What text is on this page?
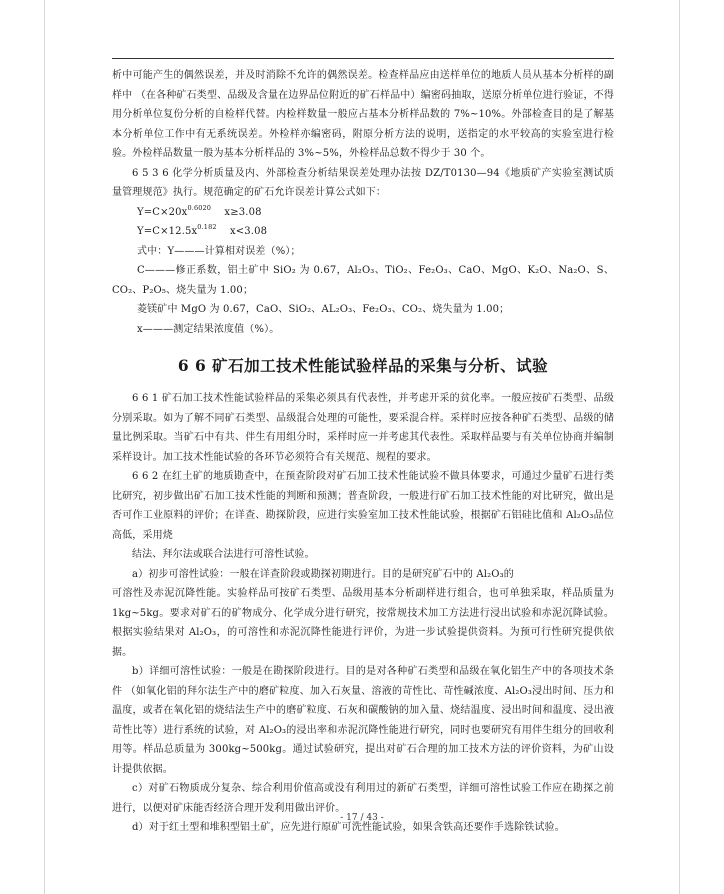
析中可能产生的偶然误差，并及时消除不允许的偶然误差。检查样品应由送样单位的地质人员从基本分析样的副样中 （在各种矿石类型、品级及含量在边界品位附近的矿石样品中）编密码抽取，送原分析单位进行验证，不得用分析单位复份分析的自检样代替。内检样数量一般应占基本分析样品数的 7%~10%。外部检查目的是了解基本分析单位工作中有无系统误差。外检样亦编密码，附原分析方法的说明，送指定的水平较高的实验室进行检验。外检样品数量一般为基本分析样品的 3%~5%，外检样品总数不得少于 30 个。

6 5 3 6 化学分析质量及内、外部检查分析结果误差处理办法按 DZ/T0130—94《地质矿产实验室测试质量管理规范》执行。规范确定的矿石允许误差计算公式如下：

$Y=C\times 20x^{0.6020}$ x≥3.08

$Y=C\times 12.5x^{0.182}$ x<3.08

式中：Y———计算相对误差（%）；

C———修正系数，铝土矿中 SiO₂ 为 0.67，Al₂O₃、TiO₂、Fe₂O₃、CaO、MgO、K₂O、Na₂O、S、CO₂、P₂O₅、烧失量为 1.00；

菱镁矿中 MgO 为 0.67，CaO、SiO₂、AL₂O₃、Fe₂O₃、CO₂、烧失量为 1.00；

x———测定结果浓度值（%）。

6 6 矿石加工技术性能试验样品的采集与分析、试验

6 6 1 矿石加工技术性能试验样品的采集必须具有代表性，并考虑开采的贫化率。一般应按矿石类型、品级分别采取。如为了解不同矿石类型、品级混合处理的可能性，要采混合样。采样时应按各种矿石类型、品级的储量比例采取。当矿石中有共、伴生有用组分时，采样时应一并考虑其代表性。采取样品要与有关单位协商并编制采样设计。加工技术性能试验的各环节必须符合有关规范、规程的要求。

6 6 2 在红土矿的地质勘查中，在预查阶段对矿石加工技术性能试验不做具体要求，可通过少量矿石进行类比研究，初步做出矿石加工技术性能的判断和预测；普查阶段，一般进行矿石加工技术性能的对比研究，做出是否可作工业原料的评价；在详查、勘探阶段，应进行实验室加工技术性能试验，根据矿石铝硅比值和 Al₂O₃品位高低，采用烧

结法、拜尔法或联合法进行可溶性试验。

a）初步可溶性试验：一般在详查阶段或勘探初期进行。目的是研究矿石中的 Al₂O₃的

可溶性及赤泥沉降性能。实验样品可按矿石类型、品级用基本分析副样进行组合，也可单独采取，样品质量为 1kg~5kg。要求对矿石的矿物成分、化学成分进行研究，按常规技术加工方法进行浸出试验和赤泥沉降试验。根据实验结果对 Al₂O₃，的可溶性和赤泥沉降性能进行评价，为进一步试验提供资料。为预可行性研究提供依据。

b）详细可溶性试验：一般是在勘探阶段进行。目的是对各种矿石类型和品级在氧化铝生产中的各项技术条件 （如氧化铝的拜尔法生产中的磨矿粒度、加入石灰量、溶液的苛性比、苛性碱浓度、Al₂O₃浸出时间、压力和温度，或者在氧化铝的烧结法生产中的磨矿粒度、石灰和碳酸钠的加入量、烧结温度、浸出时间和温度、浸出液苛性比等）进行系统的试验，对 Al₂O₃的浸出率和赤泥沉降性能进行研究，同时也要研究有用伴生组分的回收利用等。样品总质量为 300kg~500kg。通过试验研究，提出对矿石合理的加工技术方法的评价资料，为矿山设计提供依据。

c）对矿石物质成分复杂、综合利用价值高或没有利用过的新矿石类型，详细可溶性试验工作应在勘探之前进行，以便对矿床能否经济合理开发利用做出评价。

d）对于红土型和堆积型铝土矿，应先进行原矿可洗性能试验，如果含铁高还要作手选除铁试验。

- 17 / 43 -
